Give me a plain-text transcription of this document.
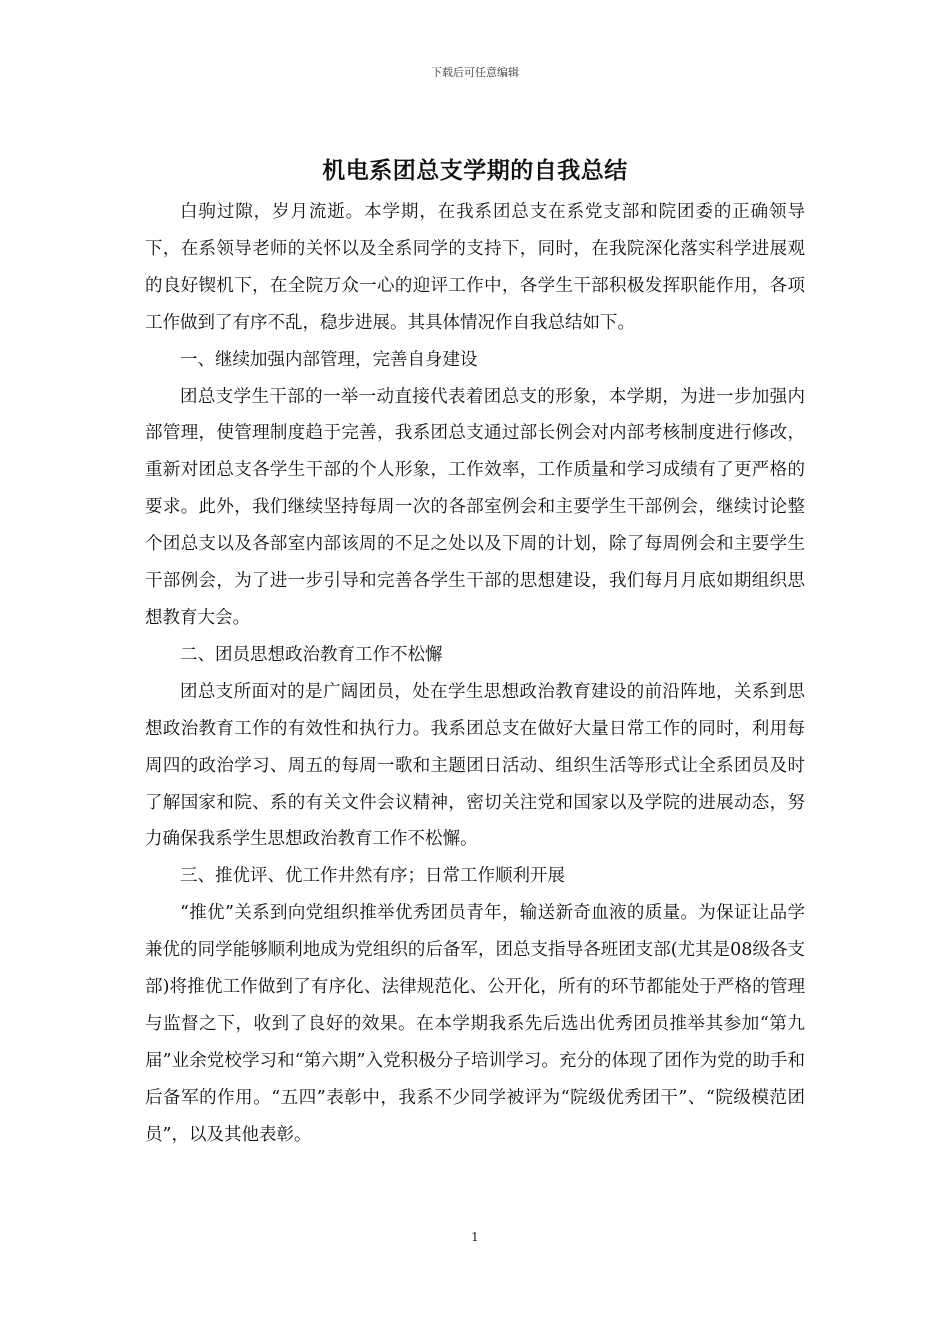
下载后可任意编辑
机电系团总支学期的自我总结

白驹过隙，岁月流逝。本学期，在我系团总支在系党支部和院团委的正确领导下，在系领导老师的关怀以及全系同学的支持下，同时，在我院深化落实科学进展观的良好锲机下，在全院万众一心的迎评工作中，各学生干部积极发挥职能作用，各项工作做到了有序不乱，稳步进展。其具体情况作自我总结如下。

一、继续加强内部管理，完善自身建设

团总支学生干部的一举一动直接代表着团总支的形象，本学期，为进一步加强内部管理，使管理制度趋于完善，我系团总支通过部长例会对内部考核制度进行修改，重新对团总支各学生干部的个人形象，工作效率，工作质量和学习成绩有了更严格的要求。此外，我们继续坚持每周一次的各部室例会和主要学生干部例会，继续讨论整个团总支以及各部室内部该周的不足之处以及下周的计划，除了每周例会和主要学生干部例会，为了进一步引导和完善各学生干部的思想建设，我们每月月底如期组织思想教育大会。

二、团员思想政治教育工作不松懈

团总支所面对的是广阔团员，处在学生思想政治教育建设的前沿阵地，关系到思想政治教育工作的有效性和执行力。我系团总支在做好大量日常工作的同时，利用每周四的政治学习、周五的每周一歌和主题团日活动、组织生活等形式让全系团员及时了解国家和院、系的有关文件会议精神，密切关注党和国家以及学院的进展动态，努力确保我系学生思想政治教育工作不松懈。

三、推优评、优工作井然有序；日常工作顺利开展

“推优”关系到向党组织推举优秀团员青年，输送新奇血液的质量。为保证让品学兼优的同学能够顺利地成为党组织的后备军，团总支指导各班团支部(尤其是08级各支部)将推优工作做到了有序化、法律规范化、公开化，所有的环节都能处于严格的管理与监督之下，收到了良好的效果。在本学期我系先后选出优秀团员推举其参加“第九届”业余党校学习和“第六期”入党积极分子培训学习。充分的体现了团作为党的助手和后备军的作用。“五四”表彰中，我系不少同学被评为“院级优秀团干”、“院级模范团员”，以及其他表彰。

1
